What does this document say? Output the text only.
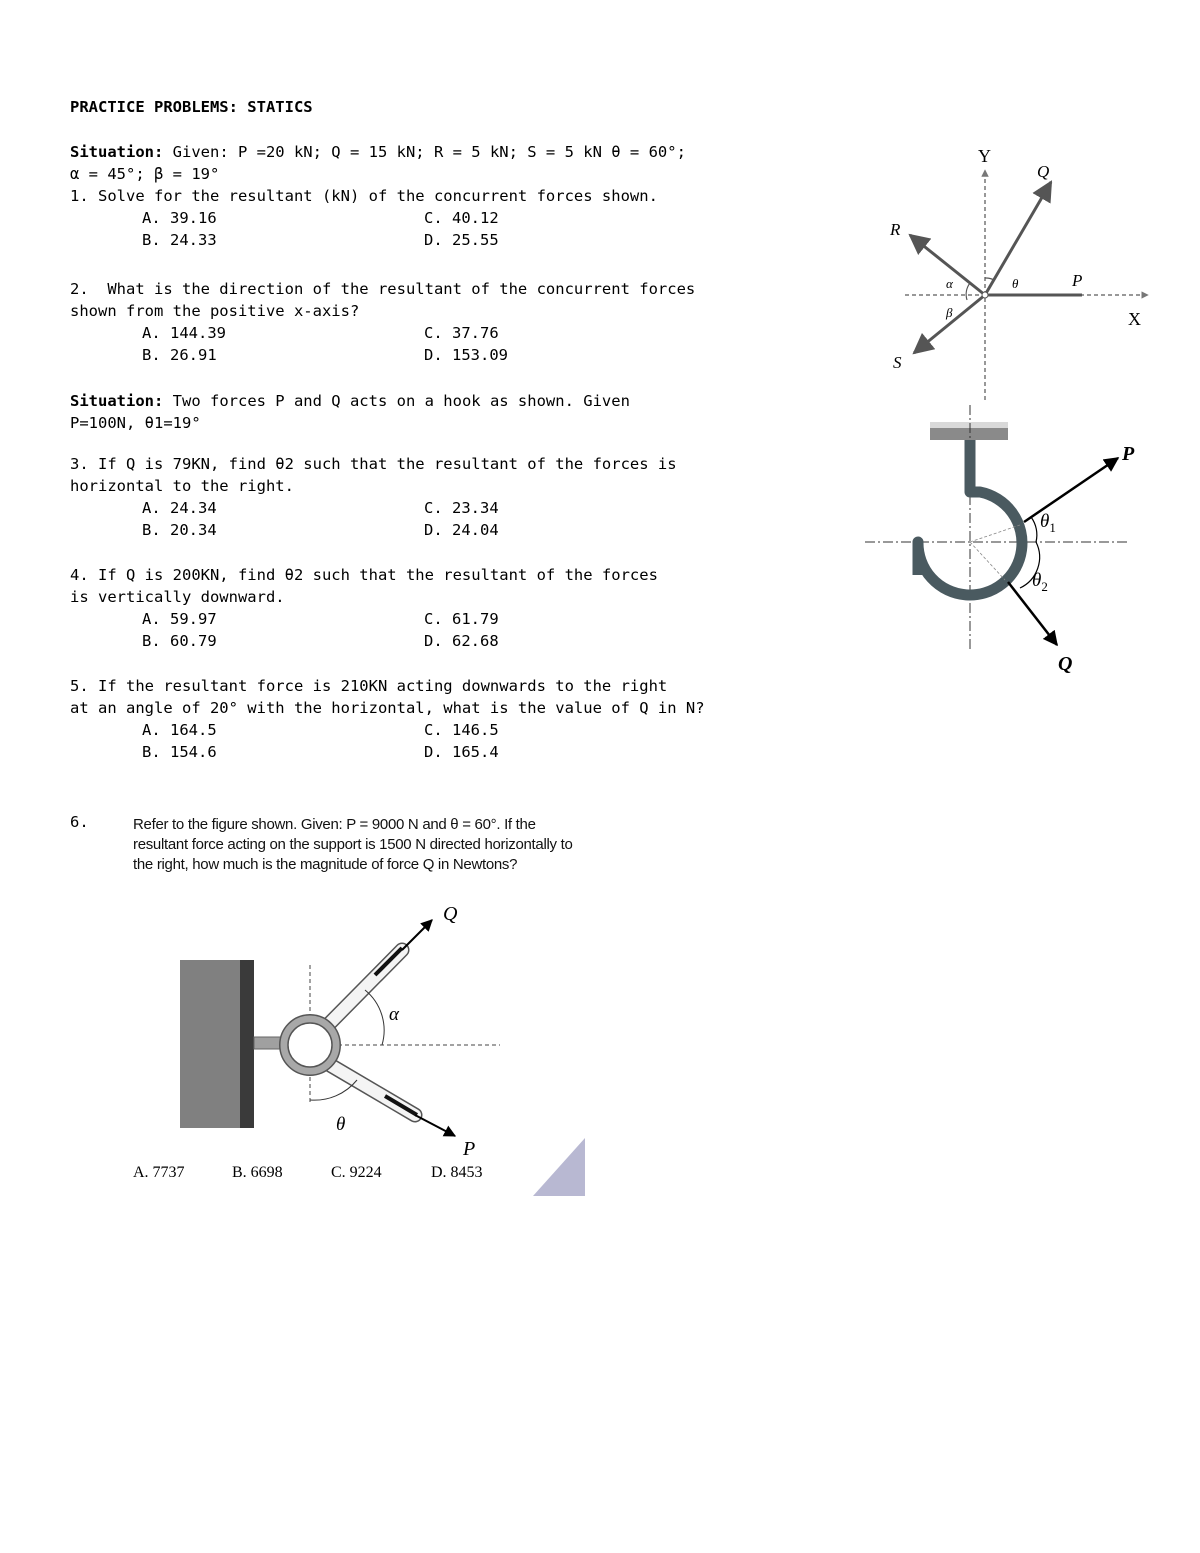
PRACTICE PROBLEMS: STATICS
Situation: Given: P =20 kN; Q = 15 kN; R = 5 kN; S = 5 kN θ = 60°;
α = 45°; β = 19°
1. Solve for the resultant (kN) of the concurrent forces shown.
A. 39.16	C. 40.12
B. 24.33	D. 25.55
2.  What is the direction of the resultant of the concurrent forces
shown from the positive x-axis?
A. 144.39	C. 37.76
B. 26.91	D. 153.09
Situation: Two forces P and Q acts on a hook as shown. Given
P=100N, θ1=19°
3. If Q is 79KN, find θ2 such that the resultant of the forces is
horizontal to the right.
A. 24.34	C. 23.34
B. 20.34	D. 24.04
4. If Q is 200KN, find θ2 such that the resultant of the forces
is vertically downward.
A. 59.97	C. 61.79
B. 60.79	D. 62.68
5. If the resultant force is 210KN acting downwards to the right
at an angle of 20° with the horizontal, what is the value of Q in N?
A. 164.5	C. 146.5
B. 154.6	D. 165.4
6.	Refer to the figure shown. Given: P = 9000 N and θ = 60°. If the resultant force acting on the support is 1500 N directed horizontally to the right, how much is the magnitude of force Q in Newtons?
A. 7737	B. 6698	C. 9224	D. 8453
Y
X
Q
R
P
S
α
β
θ
P
Q
$\theta_1$
$\theta_2$
Q
P
α
θ
